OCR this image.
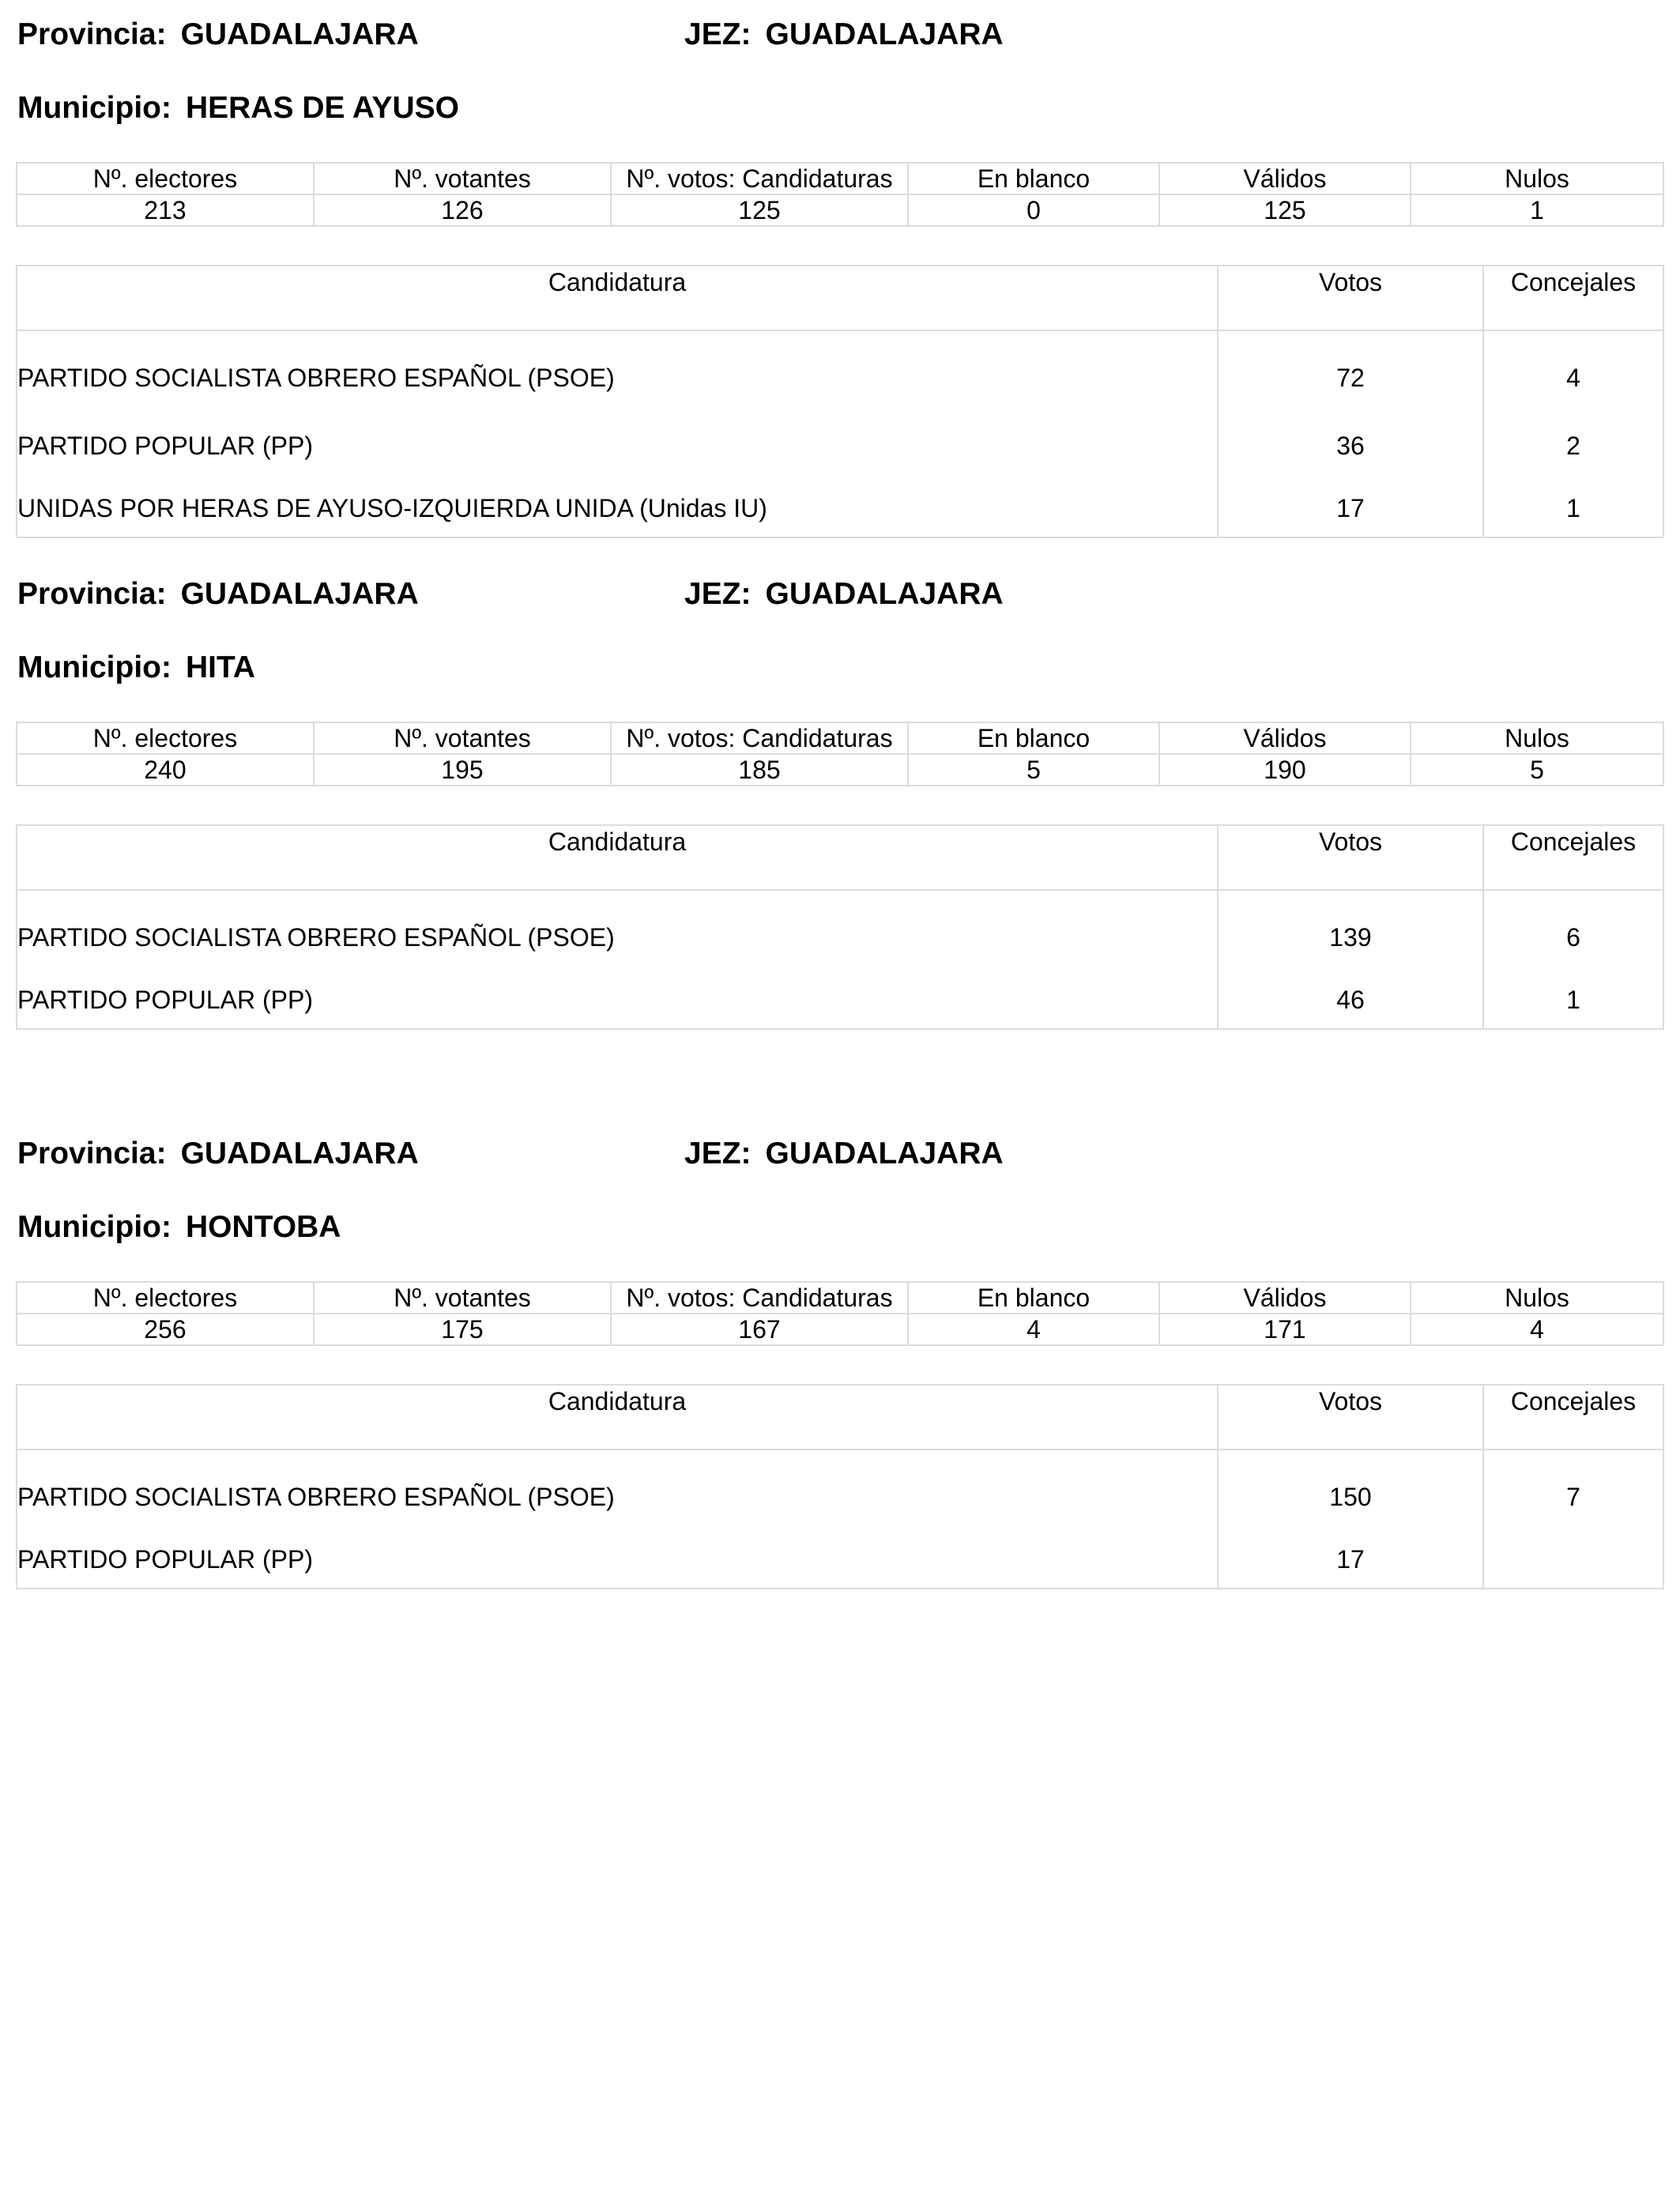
Provincia: GUADALAJARA	JEZ: GUADALAJARA
Municipio: HERAS DE AYUSO
Nº. electores	Nº. votantes	Nº. votos: Candidaturas	En blanco	Válidos	Nulos
213	126	125	0	125	1
Candidatura	Votos	Concejales

PARTIDO SOCIALISTA OBRERO ESPAÑOL (PSOE)	72	4
PARTIDO POPULAR (PP)	36	2
UNIDAS POR HERAS DE AYUSO-IZQUIERDA UNIDA (Unidas IU)	17	1
Provincia: GUADALAJARA	JEZ: GUADALAJARA
Municipio: HITA
Nº. electores	Nº. votantes	Nº. votos: Candidaturas	En blanco	Válidos	Nulos
240	195	185	5	190	5
Candidatura	Votos	Concejales

PARTIDO SOCIALISTA OBRERO ESPAÑOL (PSOE)	139	6
PARTIDO POPULAR (PP)	46	1
Provincia: GUADALAJARA	JEZ: GUADALAJARA
Municipio: HONTOBA
Nº. electores	Nº. votantes	Nº. votos: Candidaturas	En blanco	Válidos	Nulos
256	175	167	4	171	4
Candidatura	Votos	Concejales

PARTIDO SOCIALISTA OBRERO ESPAÑOL (PSOE)	150	7
PARTIDO POPULAR (PP)	17	
